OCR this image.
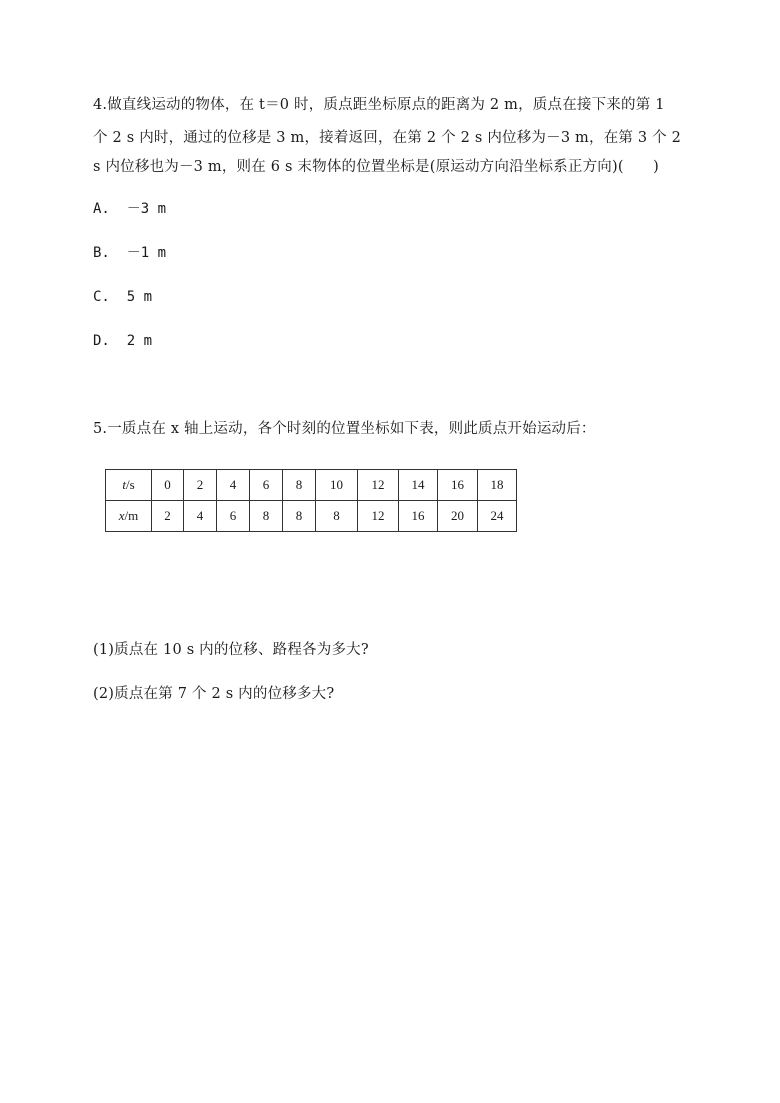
4.做直线运动的物体，在 t＝0 时，质点距坐标原点的距离为 2 m，质点在接下来的第 1
个 2 s 内时，通过的位移是 3 m，接着返回，在第 2 个 2 s 内位移为－3 m，在第 3 个 2
s 内位移也为－3 m，则在 6 s 末物体的位置坐标是(原运动方向沿坐标系正方向)(　　)
A. －3 m
B. －1 m
C. 5 m
D. 2 m
5.一质点在 x 轴上运动，各个时刻的位置坐标如下表，则此质点开始运动后：
t/s	0	2	4	6	8	10	12	14	16	18
x/m	2	4	6	8	8	8	12	16	20	24
(1)质点在 10 s 内的位移、路程各为多大?
(2)质点在第 7 个 2 s 内的位移多大?
